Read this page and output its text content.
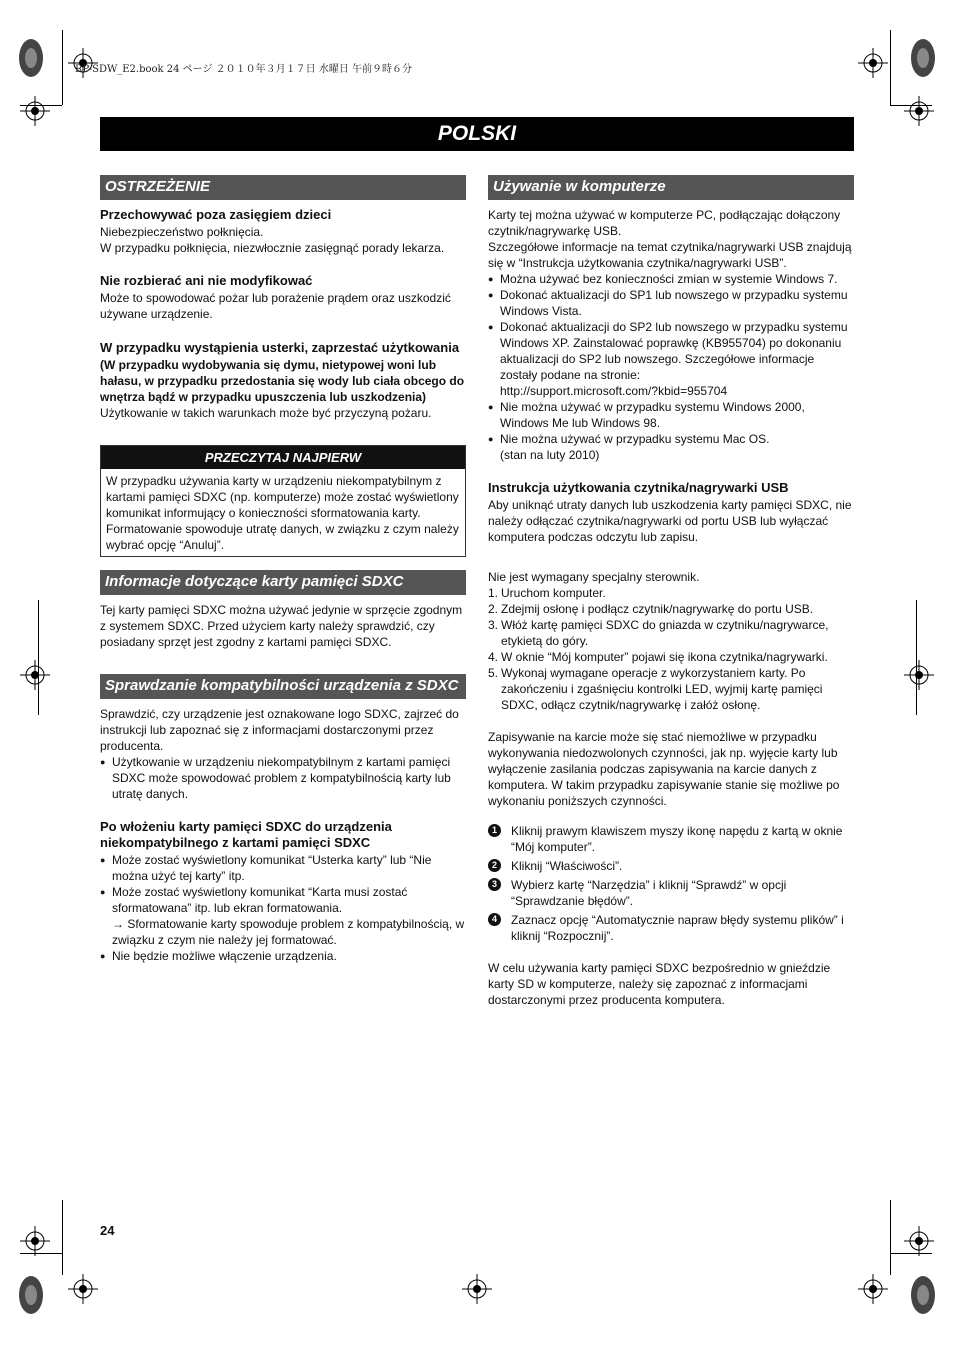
RP-SDW_E2.book 24 ページ ２０１０年３月１７日 水曜日 午前９時６分
POLSKI
OSTRZEŻENIE

Przechowywać poza zasięgiem dzieci

Niebezpieczeństwo połknięcia.
W przypadku połknięcia, niezwłocznie zasięgnąć porady lekarza.

Nie rozbierać ani nie modyfikować

Może to spowodować pożar lub porażenie prądem oraz uszkodzić używane urządzenie.

W przypadku wystąpienia usterki, zaprzestać użytkowania

(W przypadku wydobywania się dymu, nietypowej woni lub hałasu, w przypadku przedostania się wody lub ciała obcego do wnętrza bądź w przypadku upuszczenia lub uszkodzenia)

Użytkowanie w takich warunkach może być przyczyną pożaru.

PRZECZYTAJ NAJPIERW
W przypadku używania karty w urządzeniu niekompatybilnym z kartami pamięci SDXC (np. komputerze) może zostać wyświetlony komunikat informujący o konieczności sformatowania karty. Formatowanie spowoduje utratę danych, w związku z czym należy wybrać opcję “Anuluj”.
Informacje dotyczące karty pamięci SDXC

Tej karty pamięci SDXC można używać jedynie w sprzęcie zgodnym z systemem SDXC. Przed użyciem karty należy sprawdzić, czy posiadany sprzęt jest zgodny z kartami pamięci SDXC.

Sprawdzanie kompatybilności urządzenia z SDXC

Sprawdzić, czy urządzenie jest oznakowane logo SDXC, zajrzeć do instrukcji lub zapoznać się z informacjami dostarczonymi przez producenta.

● Użytkowanie w urządzeniu niekompatybilnym z kartami pamięci SDXC może spowodować problem z kompatybilnością karty lub utratę danych.

Po włożeniu karty pamięci SDXC do urządzenia niekompatybilnego z kartami pamięci SDXC

● Może zostać wyświetlony komunikat “Usterka karty” lub “Nie można użyć tej karty” itp.

● Może zostać wyświetlony komunikat “Karta musi zostać sformatowana” itp. lub ekran formatowania.
→ Sformatowanie karty spowoduje problem z kompatybilnością, w związku z czym nie należy jej formatować.

● Nie będzie możliwe włączenie urządzenia.

Używanie w komputerze

Karty tej można używać w komputerze PC, podłączając dołączony czytnik/nagrywarkę USB.

Szczegółowe informacje na temat czytnika/nagrywarki USB znajdują się w “Instrukcja użytkowania czytnika/nagrywarki USB”.

● Można używać bez konieczności zmian w systemie Windows 7.

● Dokonać aktualizacji do SP1 lub nowszego w przypadku systemu Windows Vista.

● Dokonać aktualizacji do SP2 lub nowszego w przypadku systemu Windows XP. Zainstalować poprawkę (KB955704) po dokonaniu aktualizacji do SP2 lub nowszego. Szczegółowe informacje zostały podane na stronie:
http://support.microsoft.com/?kbid=955704

● Nie można używać w przypadku systemu Windows 2000, Windows Me lub Windows 98.

● Nie można używać w przypadku systemu Mac OS.
(stan na luty 2010)

Instrukcja użytkowania czytnika/nagrywarki USB

Aby uniknąć utraty danych lub uszkodzenia karty pamięci SDXC, nie należy odłączać czytnika/nagrywarki od portu USB lub wyłączać komputera podczas odczytu lub zapisu.

Nie jest wymagany specjalny sterownik.

1. Uruchom komputer.

2. Zdejmij osłonę i podłącz czytnik/nagrywarkę do portu USB.

3. Włóż kartę pamięci SDXC do gniazda w czytniku/nagrywarce, etykietą do góry.

4. W oknie “Mój komputer” pojawi się ikona czytnika/nagrywarki.

5. Wykonaj wymagane operacje z wykorzystaniem karty. Po zakończeniu i zgaśnięciu kontrolki LED, wyjmij kartę pamięci SDXC, odłącz czytnik/nagrywarkę i załóż osłonę.

Zapisywanie na karcie może się stać niemożliwe w przypadku wykonywania niedozwolonych czynności, jak np. wyjęcie karty lub wyłączenie zasilania podczas zapisywania na karcie danych z komputera. W takim przypadku zapisywanie stanie się możliwe po wykonaniu poniższych czynności.

1	Kliknij prawym klawiszem myszy ikonę napędu z kartą w oknie “Mój komputer”.

2	Kliknij “Właściwości”.

3	Wybierz kartę “Narzędzia” i kliknij “Sprawdź” w opcji “Sprawdzanie błędów”.

4	Zaznacz opcję “Automatycznie napraw błędy systemu plików” i kliknij “Rozpocznij”.

W celu używania karty pamięci SDXC bezpośrednio w gnieździe karty SD w komputerze, należy się zapoznać z informacjami dostarczonymi przez producenta komputera.

24
